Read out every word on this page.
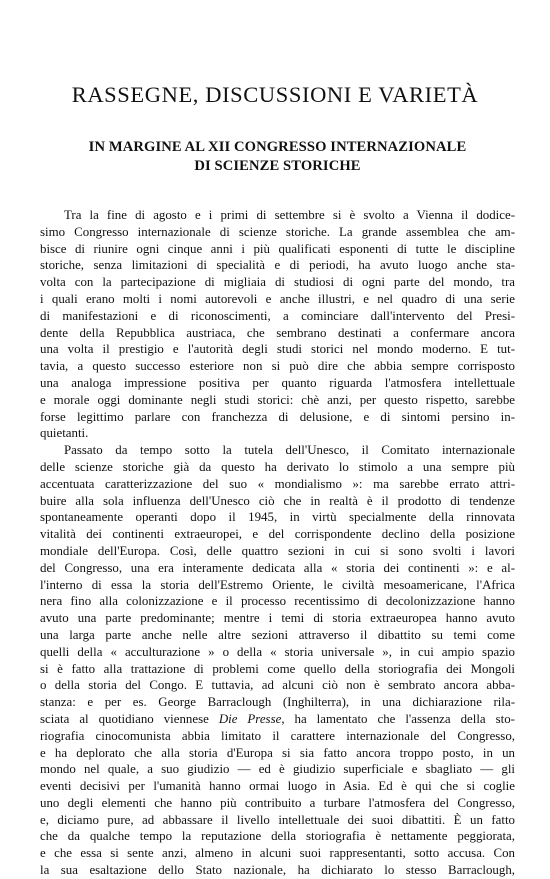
RASSEGNE, DISCUSSIONI E VARIETÀ
IN MARGINE AL XII CONGRESSO INTERNAZIONALE
DI SCIENZE STORICHE
Tra la fine di agosto e i primi di settembre si è svolto a Vienna il dodice-
simo Congresso internazionale di scienze storiche. La grande assemblea che am-
bisce di riunire ogni cinque anni i più qualificati esponenti di tutte le discipline
storiche, senza limitazioni di specialità e di periodi, ha avuto luogo anche sta-
volta con la partecipazione di migliaia di studiosi di ogni parte del mondo, tra
i quali erano molti i nomi autorevoli e anche illustri, e nel quadro di una serie
di manifestazioni e di riconoscimenti, a cominciare dall'intervento del Presi-
dente della Repubblica austriaca, che sembrano destinati a confermare ancora
una volta il prestigio e l'autorità degli studi storici nel mondo moderno. E tut-
tavia, a questo successo esteriore non si può dire che abbia sempre corrisposto
una analoga impressione positiva per quanto riguarda l'atmosfera intellettuale
e morale oggi dominante negli studi storici: chè anzi, per questo rispetto, sarebbe
forse legittimo parlare con franchezza di delusione, e di sintomi persino in-
quietanti.
Passato da tempo sotto la tutela dell'Unesco, il Comitato internazionale
delle scienze storiche già da questo ha derivato lo stimolo a una sempre più
accentuata caratterizzazione del suo « mondialismo »: ma sarebbe errato attri-
buire alla sola influenza dell'Unesco ciò che in realtà è il prodotto di tendenze
spontaneamente operanti dopo il 1945, in virtù specialmente della rinnovata
vitalità dei continenti extraeuropei, e del corrispondente declino della posizione
mondiale dell'Europa. Così, delle quattro sezioni in cui si sono svolti i lavori
del Congresso, una era interamente dedicata alla « storia dei continenti »: e al-
l'interno di essa la storia dell'Estremo Oriente, le civiltà mesoamericane, l'Africa
nera fino alla colonizzazione e il processo recentissimo di decolonizzazione hanno
avuto una parte predominante; mentre i temi di storia extraeuropea hanno avuto
una larga parte anche nelle altre sezioni attraverso il dibattito su temi come
quelli della « acculturazione » o della « storia universale », in cui ampio spazio
si è fatto alla trattazione di problemi come quello della storiografia dei Mongoli
o della storia del Congo. E tuttavia, ad alcuni ciò non è sembrato ancora abba-
stanza: e per es. George Barraclough (Inghilterra), in una dichiarazione rila-
sciata al quotidiano viennese Die Presse, ha lamentato che l'assenza della sto-
riografia cinocomunista abbia limitato il carattere internazionale del Congresso,
e ha deplorato che alla storia d'Europa si sia fatto ancora troppo posto, in un
mondo nel quale, a suo giudizio — ed è giudizio superficiale e sbagliato — gli
eventi decisivi per l'umanità hanno ormai luogo in Asia. Ed è qui che si coglie
uno degli elementi che hanno più contribuito a turbare l'atmosfera del Congresso,
e, diciamo pure, ad abbassare il livello intellettuale dei suoi dibattiti. È un fatto
che da qualche tempo la reputazione della storiografia è nettamente peggiorata,
e che essa si sente anzi, almeno in alcuni suoi rappresentanti, sotto accusa. Con
la sua esaltazione dello Stato nazionale, ha dichiarato lo stesso Barraclough,
